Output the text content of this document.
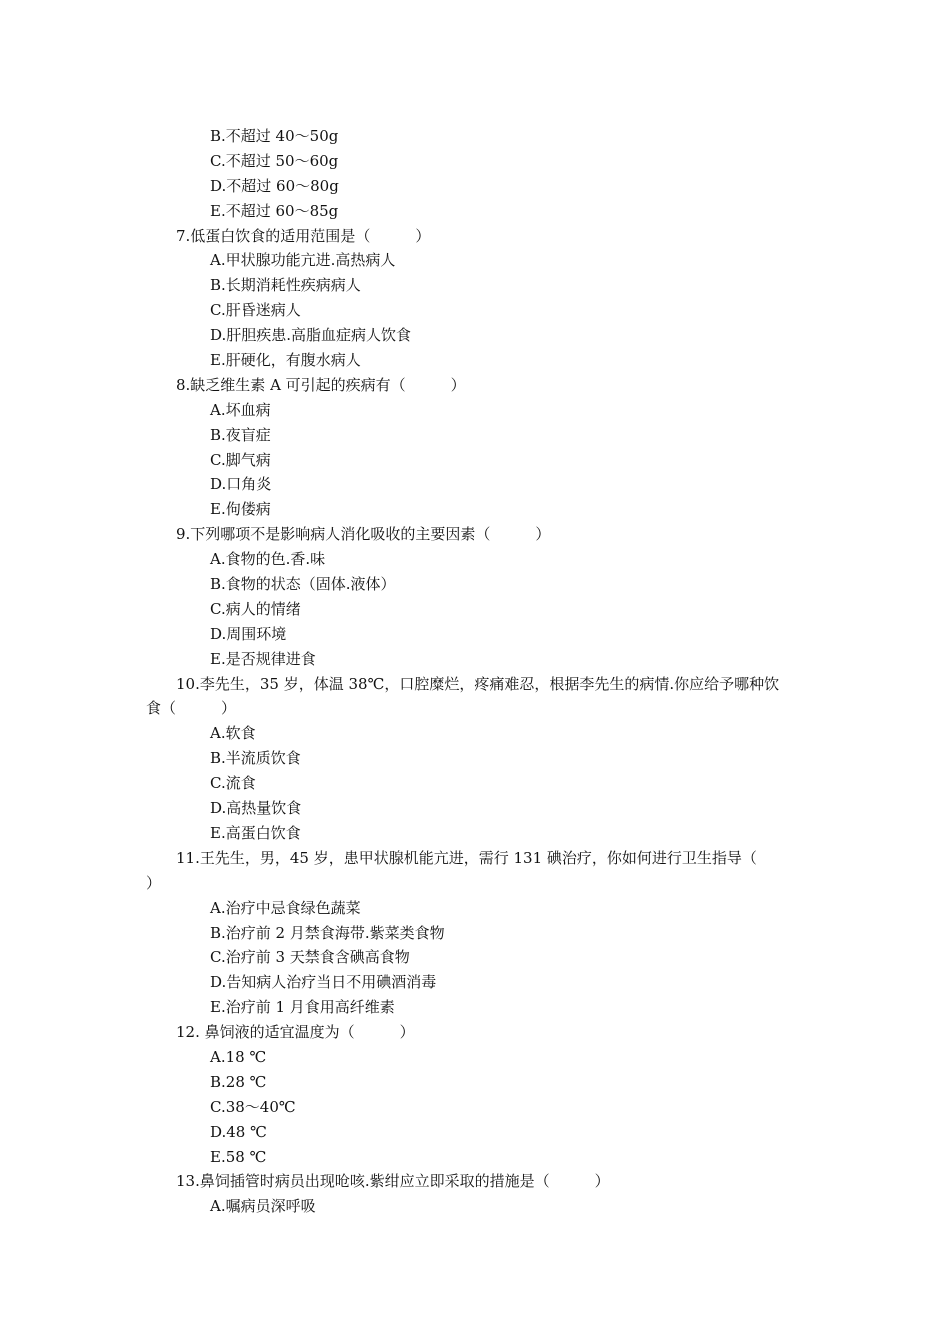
B.不超过 40～50g
C.不超过 50～60g
D.不超过 60～80g
E.不超过 60～85g
7.低蛋白饮食的适用范围是（　　　）
A.甲状腺功能亢进.高热病人
B.长期消耗性疾病病人
C.肝昏迷病人
D.肝胆疾患.高脂血症病人饮食
E.肝硬化，有腹水病人
8.缺乏维生素 A 可引起的疾病有（　　　）
A.坏血病
B.夜盲症
C.脚气病
D.口角炎
E.佝偻病
9.下列哪项不是影响病人消化吸收的主要因素（　　　）
A.食物的色.香.味
B.食物的状态（固体.液体）
C.病人的情绪
D.周围环境
E.是否规律进食
10.李先生，35 岁，体温 38℃，口腔糜烂，疼痛难忍，根据李先生的病情.你应给予哪种饮
食（　　　）
A.软食
B.半流质饮食
C.流食
D.高热量饮食
E.高蛋白饮食
11.王先生，男，45 岁，患甲状腺机能亢进，需行 131 碘治疗，你如何进行卫生指导（
）
A.治疗中忌食绿色蔬菜
B.治疗前 2 月禁食海带.紫菜类食物
C.治疗前 3 天禁食含碘高食物
D.告知病人治疗当日不用碘酒消毒
E.治疗前 1 月食用高纤维素
12. 鼻饲液的适宜温度为（　　　）
A.18 ℃
B.28 ℃
C.38～40℃
D.48 ℃
E.58 ℃
13.鼻饲插管时病员出现呛咳.紫绀应立即采取的措施是（　　　）
A.嘱病员深呼吸
